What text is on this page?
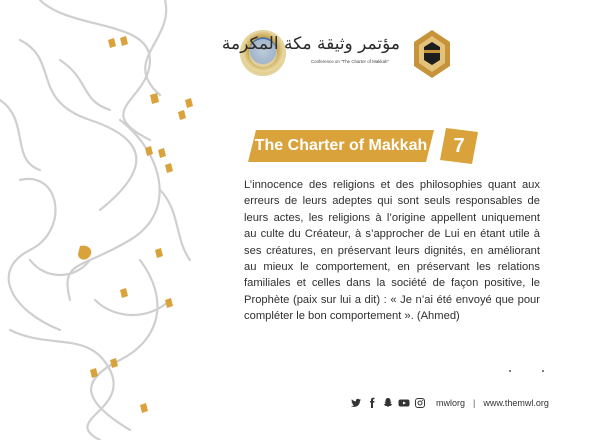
مؤتمر وثيقة مكة المكرمة
Conference on "The Charter of Makkah"
The Charter of Makkah	7
L’innocence des religions et des philosophies quant aux erreurs de leurs adeptes qui sont seuls responsables de leurs actes, les religions à l’origine appellent uniquement au culte du Créateur, à s’approcher de Lui en étant utile à ses créatures, en préservant leurs dignités, en améliorant au mieux le comportement, en préservant les relations familiales et celles dans la société de façon positive, le Prophète (paix sur lui a dit) : « Je n’ai été envoyé que pour compléter le bon comportement ». (Ahmed)
mwlorg | www.themwl.org
